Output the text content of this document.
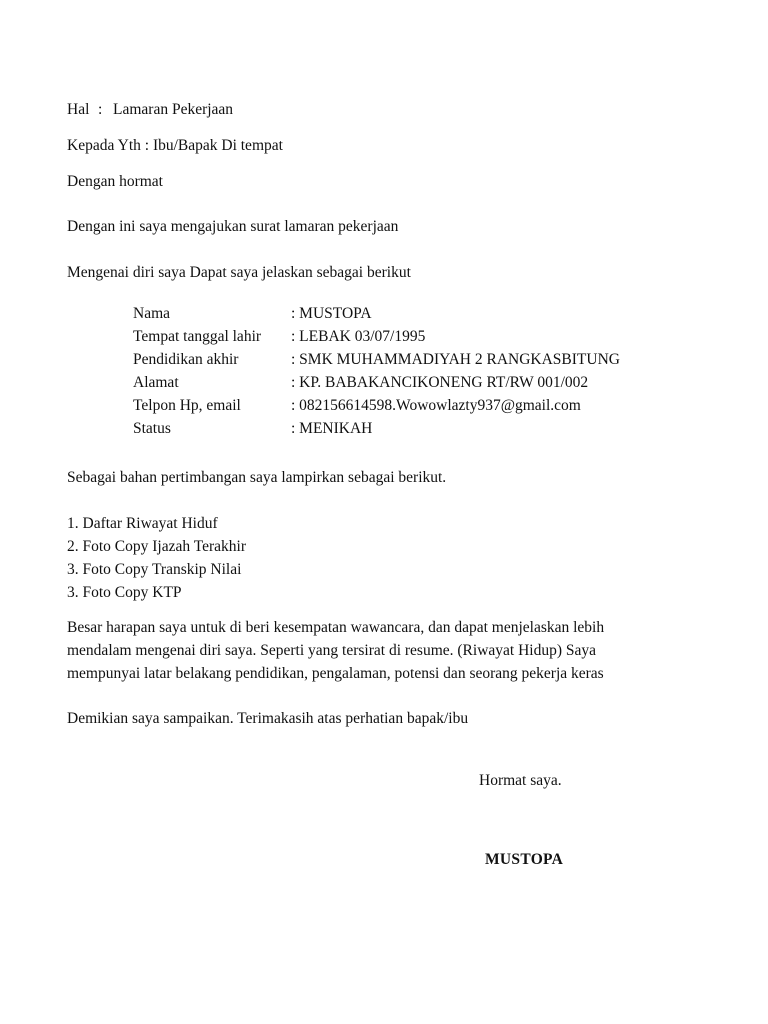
Hal : Lamaran Pekerjaan
Kepada Yth : Ibu/Bapak Di tempat
Dengan hormat
Dengan ini saya mengajukan surat lamaran pekerjaan
Mengenai diri saya Dapat saya jelaskan sebagai berikut
Nama	: MUSTOPA
Tempat tanggal lahir : LEBAK 03/07/1995
Pendidikan akhir	: SMK MUHAMMADIYAH 2 RANGKASBITUNG
Alamat	: KP. BABAKANCIKONENG RT/RW 001/002
Telpon Hp, email	: 082156614598.Wowowlazty937@gmail.com
Status	: MENIKAH
Sebagai bahan pertimbangan saya lampirkan sebagai berikut.
1. Daftar Riwayat Hiduf
2. Foto Copy Ijazah Terakhir
3. Foto Copy Transkip Nilai
3. Foto Copy KTP
Besar harapan saya untuk di beri kesempatan wawancara, dan dapat menjelaskan lebih
mendalam mengenai diri saya. Seperti yang tersirat di resume. (Riwayat Hidup) Saya
mempunyai latar belakang pendidikan, pengalaman, potensi dan seorang pekerja keras
Demikian saya sampaikan. Terimakasih atas perhatian bapak/ibu
Hormat saya.
MUSTOPA
